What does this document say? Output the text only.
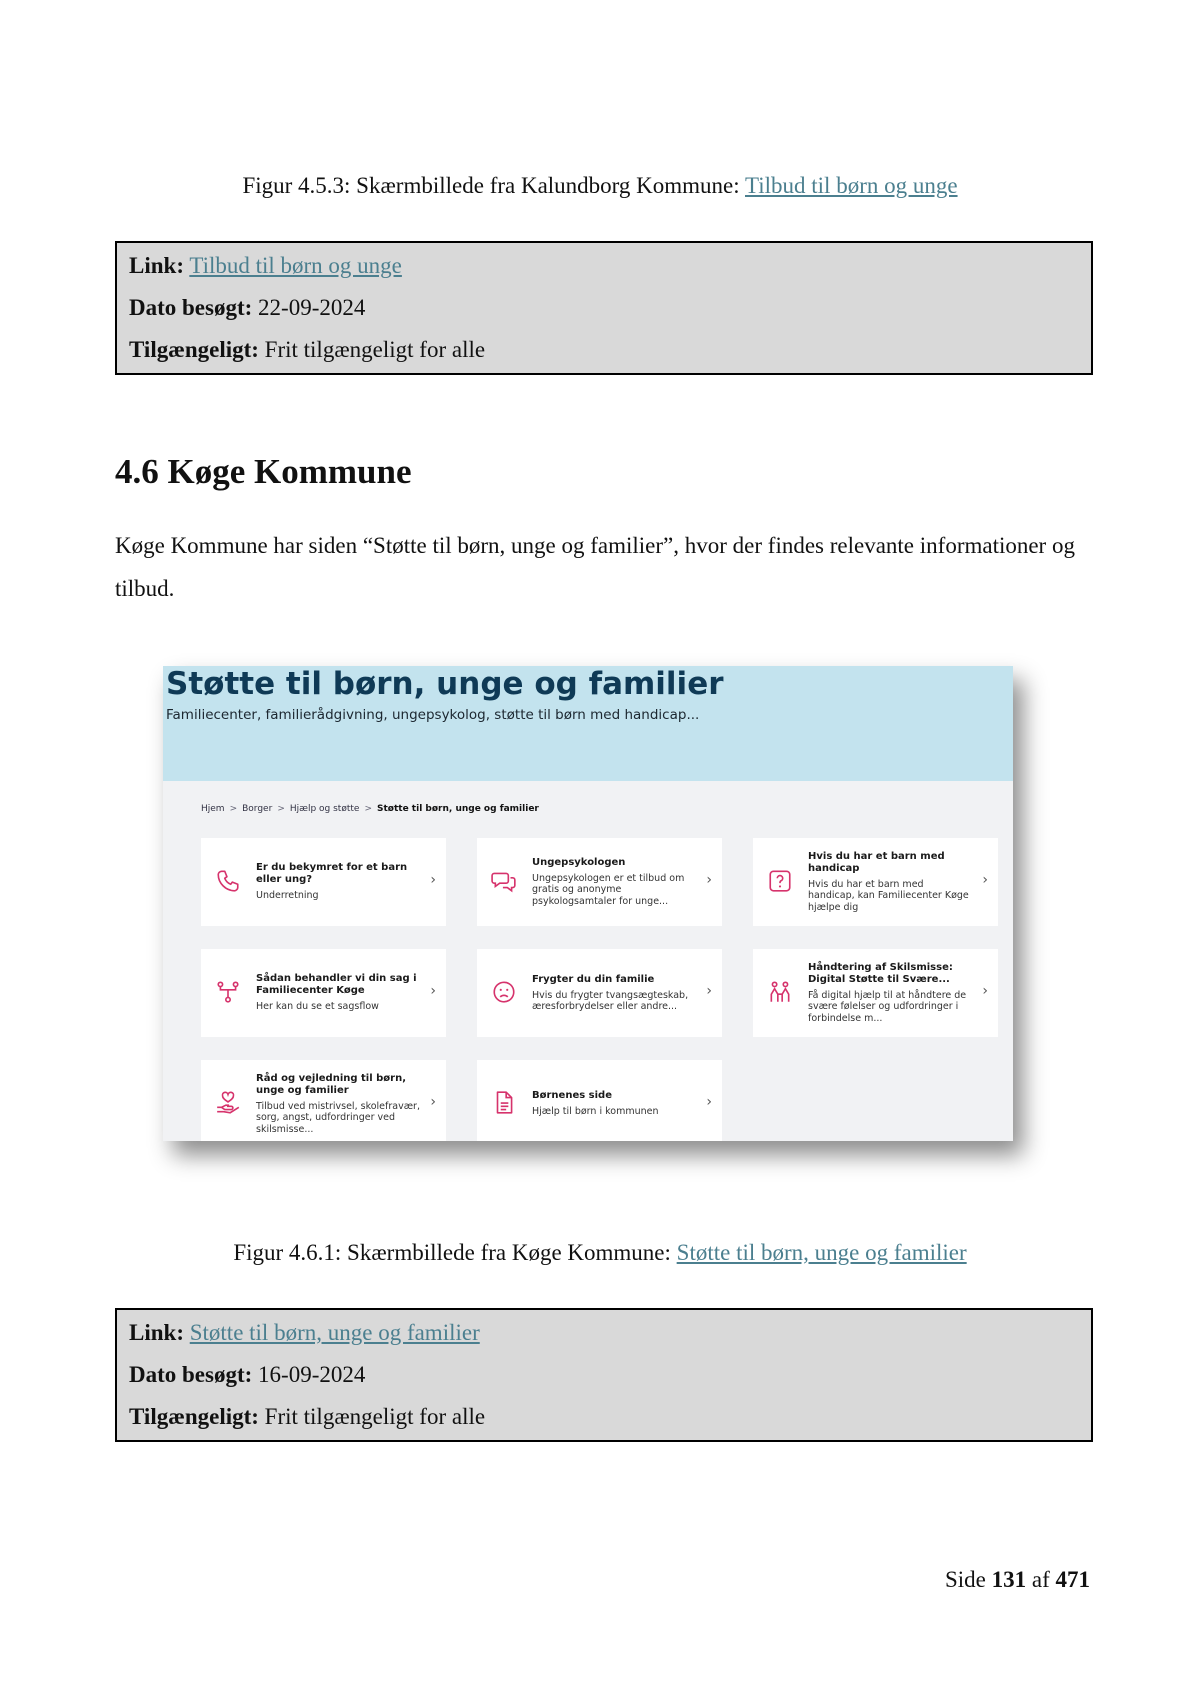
Figur 4.5.3: Skærmbillede fra Kalundborg Kommune: Tilbud til børn og unge
Link: Tilbud til børn og unge
Dato besøgt: 22-09-2024
Tilgængeligt: Frit tilgængeligt for alle
4.6 Køge Kommune
Køge Kommune har siden “Støtte til børn, unge og familier”, hvor der findes relevante informationer og tilbud.
Støtte til børn, unge og familier
Familiecenter, familierådgivning, ungepsykolog, støtte til børn med handicap...
Hjem > Borger > Hjælp og støtte > Støtte til børn, unge og familier
Er du bekymret for et barn eller ung?
Underretning
›
Ungepsykologen
Ungepsykologen er et tilbud om gratis og anonyme psykologsamtaler for unge...
›
Hvis du har et barn med handicap
Hvis du har et barn med handicap, kan Familiecenter Køge hjælpe dig
›
Sådan behandler vi din sag i Familiecenter Køge
Her kan du se et sagsflow
›
Frygter du din familie
Hvis du frygter tvangsægteskab, æresforbrydelser eller andre...
›
Håndtering af Skilsmisse: Digital Støtte til Svære...
Få digital hjælp til at håndtere de svære følelser og udfordringer i forbindelse m...
›
Råd og vejledning til børn, unge og familier
Tilbud ved mistrivsel, skolefravær, sorg, angst, udfordringer ved skilsmisse...
›	Børnenes side
Hjælp til børn i kommunen
›
Figur 4.6.1: Skærmbillede fra Køge Kommune: Støtte til børn, unge og familier
Link: Støtte til børn, unge og familier
Dato besøgt: 16-09-2024
Tilgængeligt: Frit tilgængeligt for alle
Side 131 af 471
